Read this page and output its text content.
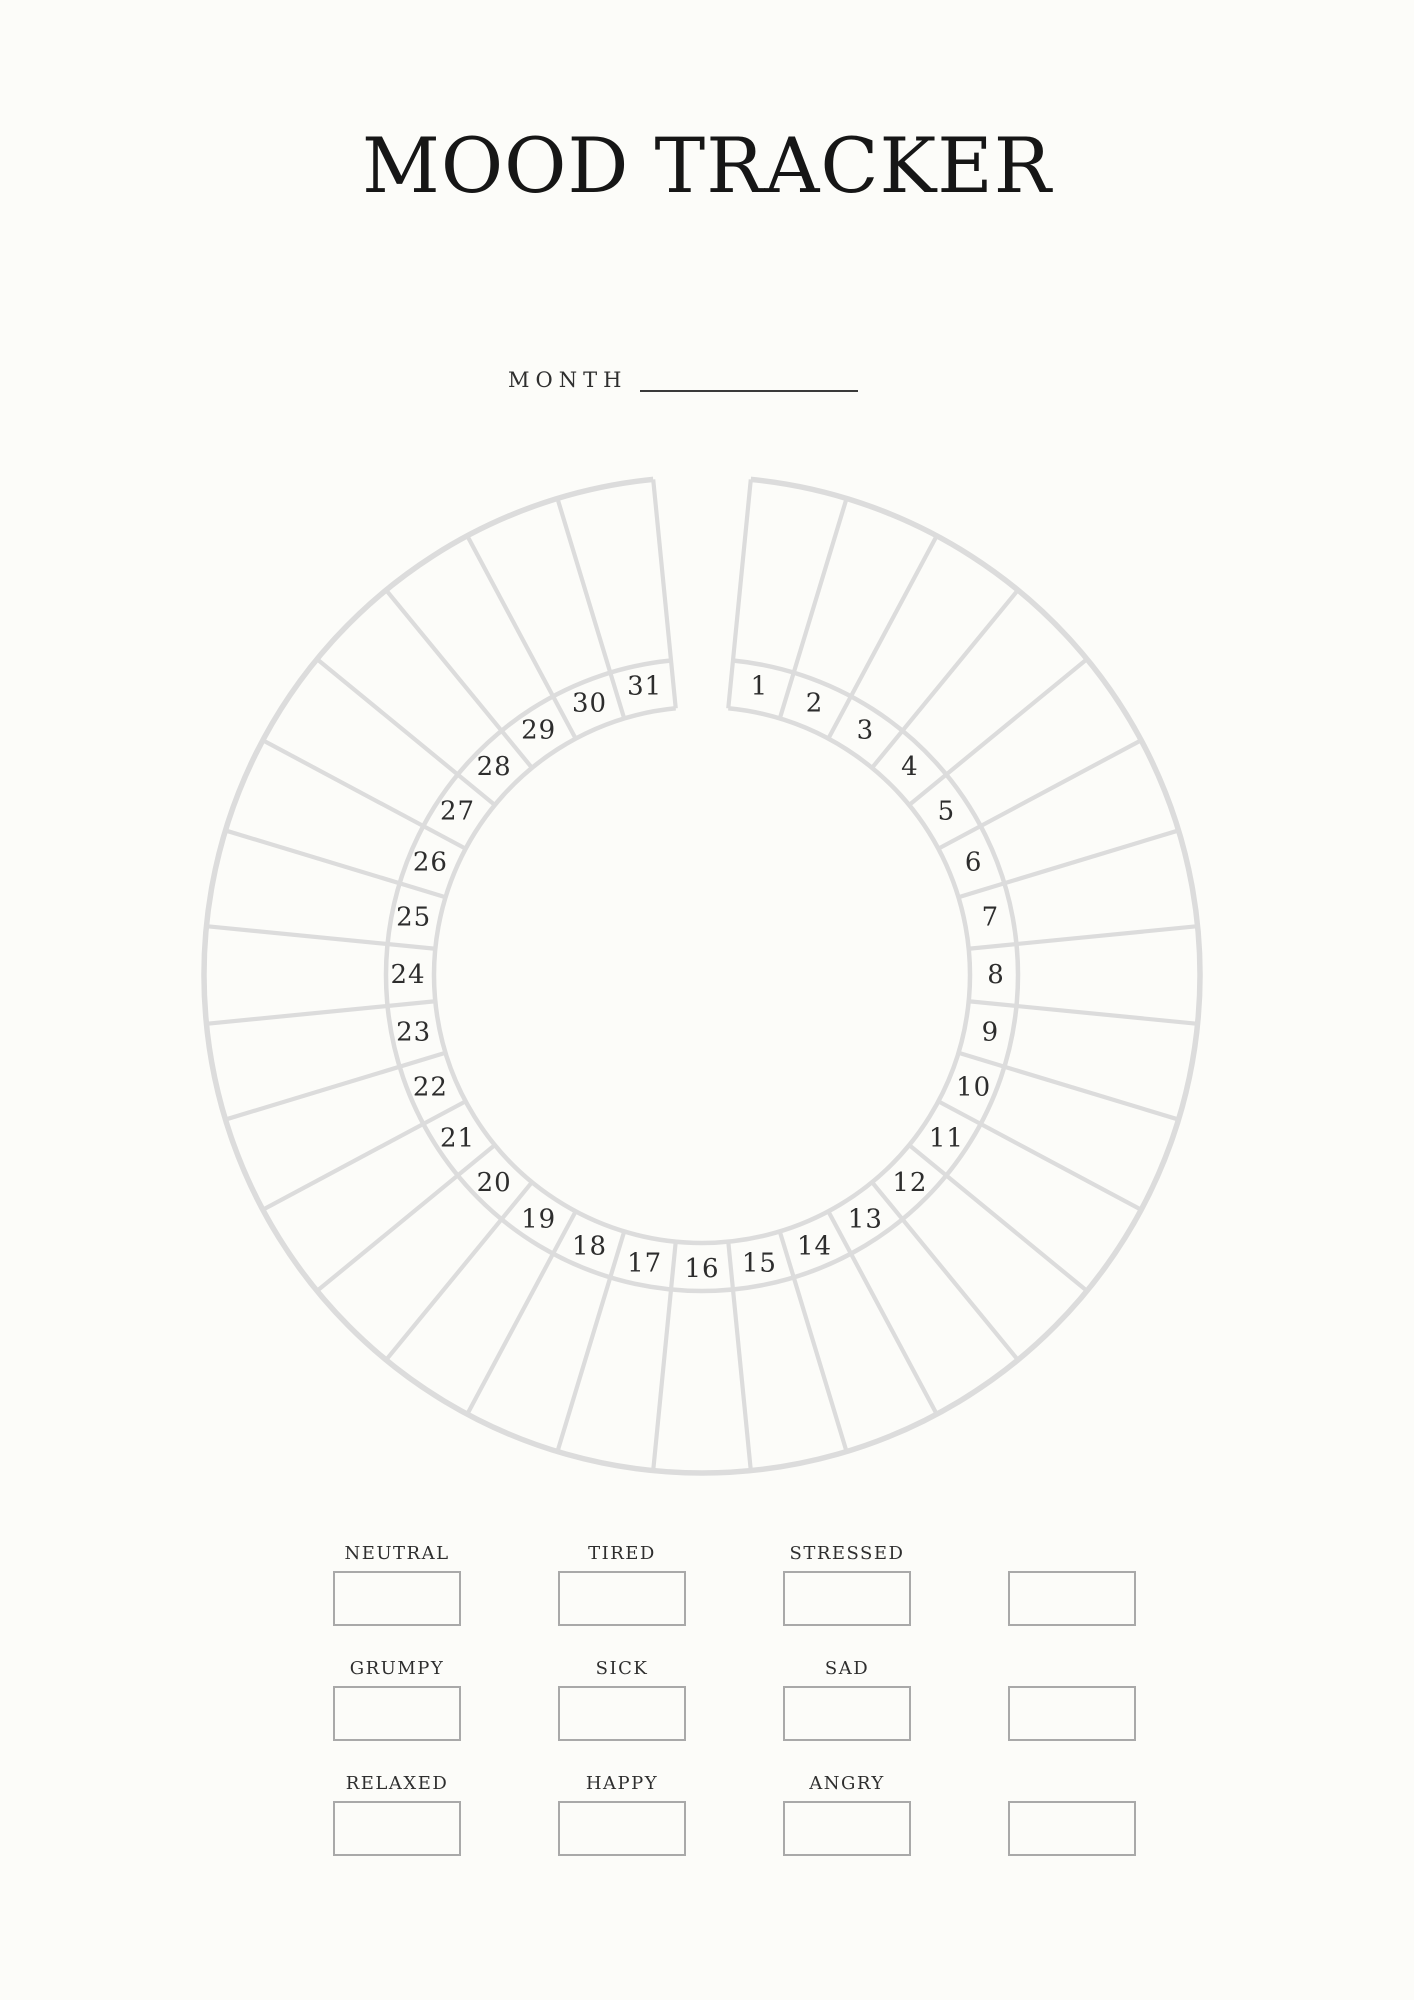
MOOD TRACKER
MONTH
1
2
3
4
5
6
7
8
9
10
11
12
13
14
15
16
17
18
19
20
21
22
23
24
25
26
27
28
29
30
31
NEUTRAL	TIRED	STRESSED
GRUMPY	SICK	SAD
RELAXED	HAPPY	ANGRY
